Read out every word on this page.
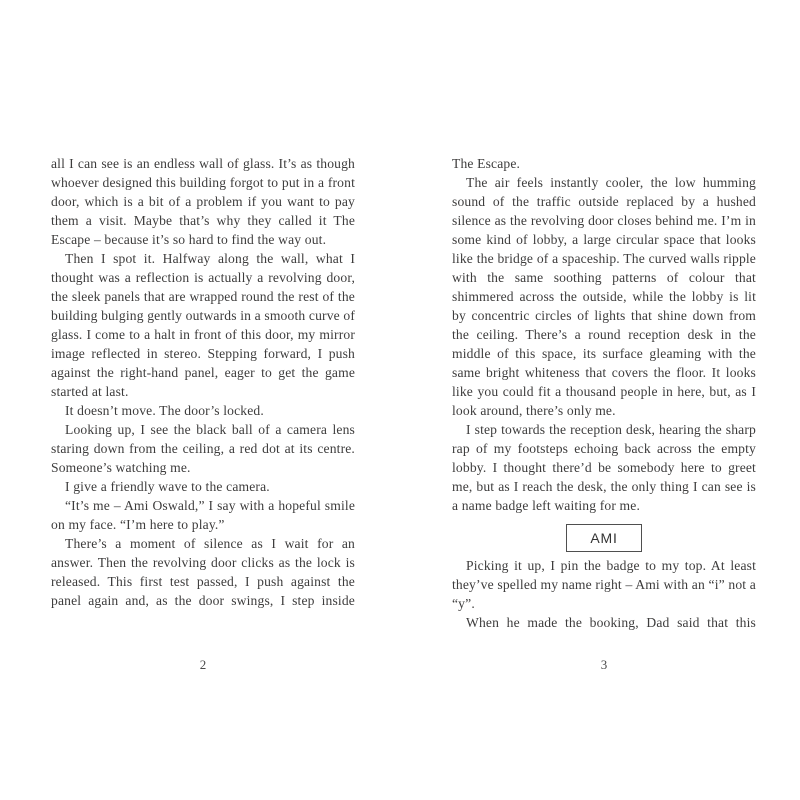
all I can see is an endless wall of glass. It’s as though whoever designed this building forgot to put in a front door, which is a bit of a problem if you want to pay them a visit. Maybe that’s why they called it The Escape – because it’s so hard to find the way out.

Then I spot it. Halfway along the wall, what I thought was a reflection is actually a revolving door, the sleek panels that are wrapped round the rest of the building bulging gently outwards in a smooth curve of glass. I come to a halt in front of this door, my mirror image reflected in stereo. Stepping forward, I push against the right-hand panel, eager to get the game started at last.

It doesn’t move. The door’s locked.

Looking up, I see the black ball of a camera lens staring down from the ceiling, a red dot at its centre. Someone’s watching me.

I give a friendly wave to the camera.

“It’s me – Ami Oswald,” I say with a hopeful smile on my face. “I’m here to play.”

There’s a moment of silence as I wait for an answer. Then the revolving door clicks as the lock is released. This first test passed, I push against the panel again and, as the door swings, I step inside

2

The Escape.

The air feels instantly cooler, the low humming sound of the traffic outside replaced by a hushed silence as the revolving door closes behind me. I’m in some kind of lobby, a large circular space that looks like the bridge of a spaceship. The curved walls ripple with the same soothing patterns of colour that shimmered across the outside, while the lobby is lit by concentric circles of lights that shine down from the ceiling. There’s a round reception desk in the middle of this space, its surface gleaming with the same bright whiteness that covers the floor. It looks like you could fit a thousand people in here, but, as I look around, there’s only me.

I step towards the reception desk, hearing the sharp rap of my footsteps echoing back across the empty lobby. I thought there’d be somebody here to greet me, but as I reach the desk, the only thing I can see is a name badge left waiting for me.

AMI

Picking it up, I pin the badge to my top. At least they’ve spelled my name right – Ami with an “i” not a “y”.

When he made the booking, Dad said that this

3
